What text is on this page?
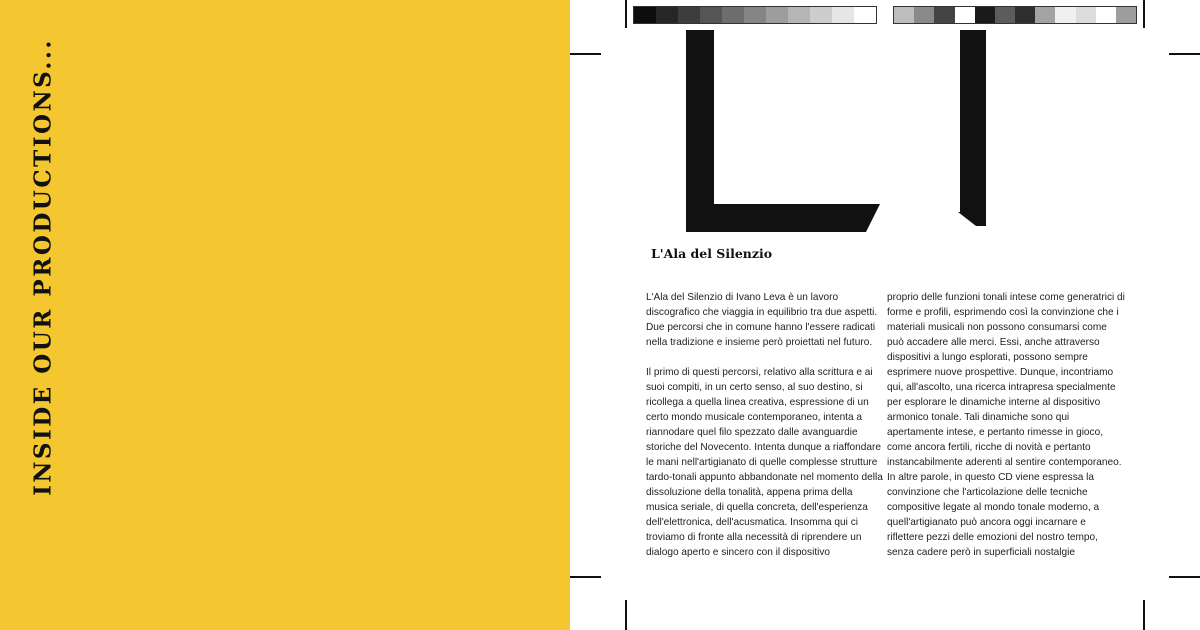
INSIDE OUR PRODUCTIONS...	L'Ala del Silenzio

L'Ala del Silenzio di Ivano Leva è un lavoro discografico che viaggia in equilibrio tra due aspetti. Due percorsi che in comune hanno l'essere radicati nella tradizione e insieme però proiettati nel futuro.

Il primo di questi percorsi, relativo alla scrittura e ai suoi compiti, in un certo senso, al suo destino, si ricollega a quella linea creativa, espressione di un certo mondo musicale contemporaneo, intenta a riannodare quel filo spezzato dalle avanguardie storiche del Novecento. Intenta dunque a riaffondare le mani nell'artigianato di quelle complesse strutture tardo-tonali appunto abbandonate nel momento della dissoluzione della tonalità, appena prima della musica seriale, di quella concreta, dell'esperienza dell'elettronica, dell'acusmatica. Insomma qui ci troviamo di fronte alla necessità di riprendere un dialogo aperto e sincero con il dispositivo

proprio delle funzioni tonali intese come generatrici di forme e profili, esprimendo così la convinzione che i materiali musicali non possono consumarsi come può accadere alle merci. Essi, anche attraverso dispositivi a lungo esplorati, possono sempre esprimere nuove prospettive. Dunque, incontriamo qui, all'ascolto, una ricerca intrapresa specialmente per esplorare le dinamiche interne al dispositivo armonico tonale. Tali dinamiche sono qui apertamente intese, e pertanto rimesse in gioco, come ancora fertili, ricche di novità e pertanto instancabilmente aderenti al sentire contemporaneo.

In altre parole, in questo CD viene espressa la convinzione che l'articolazione delle tecniche compositive legate al mondo tonale moderno, a quell'artigianato può ancora oggi incarnare e riflettere pezzi delle emozioni del nostro tempo, senza cadere però in superficiali nostalgie
